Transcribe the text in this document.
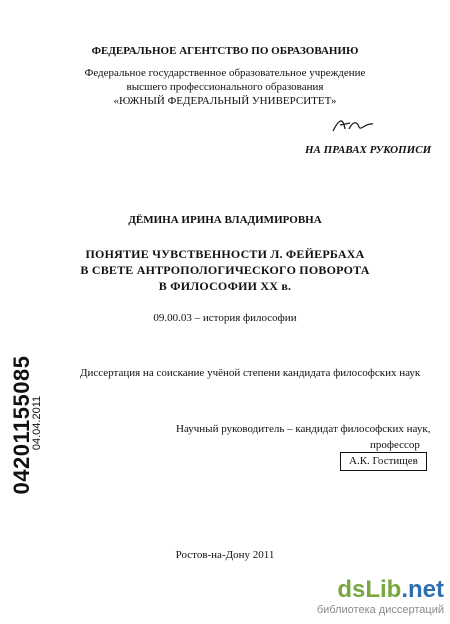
ФЕДЕРАЛЬНОЕ АГЕНТСТВО ПО ОБРАЗОВАНИЮ

Федеральное государственное образовательное учреждение

высшего профессионального образования

«ЮЖНЫЙ ФЕДЕРАЛЬНЫЙ УНИВЕРСИТЕТ»

НА ПРАВАХ РУКОПИСИ

ДЁМИНА ИРИНА ВЛАДИМИРОВНА

ПОНЯТИЕ ЧУВСТВЕННОСТИ Л. ФЕЙЕРБАХА

В СВЕТЕ АНТРОПОЛОГИЧЕСКОГО ПОВОРОТА

В ФИЛОСОФИИ XX в.

09.00.03 – история философии

Диссертация на соискание учёной степени кандидата философских наук

Научный руководитель – кандидат философских наук,

профессор

А.К. Гостищев

Ростов-на-Дону 2011

04201155085
04.04.2011
dsLib.net
библиотека диссертаций
